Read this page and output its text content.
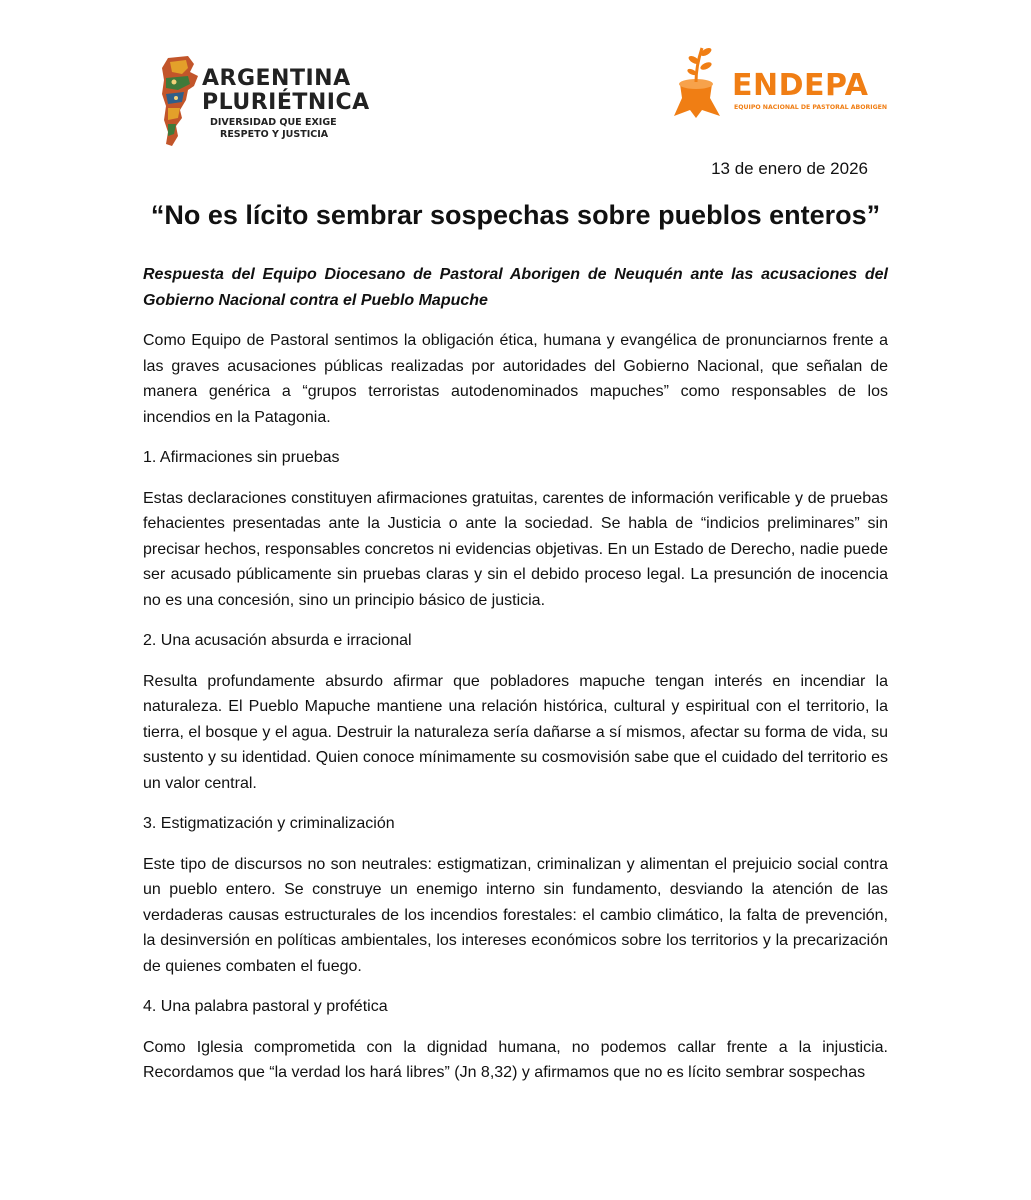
ARGENTINA
PLURIÉTNICA
DIVERSIDAD QUE EXIGE
RESPETO Y JUSTICIA
ENDEPA
EQUIPO NACIONAL DE PASTORAL ABORIGEN
13 de enero de 2026
“No es lícito sembrar sospechas sobre pueblos enteros”

Respuesta del Equipo Diocesano de Pastoral Aborigen de Neuquén ante las acusaciones del Gobierno Nacional contra el Pueblo Mapuche

Como Equipo de Pastoral sentimos la obligación ética, humana y evangélica de pronunciarnos frente a las graves acusaciones públicas realizadas por autoridades del Gobierno Nacional, que señalan de manera genérica a “grupos terroristas autodenominados mapuches” como responsables de los incendios en la Patagonia.

1. Afirmaciones sin pruebas

Estas declaraciones constituyen afirmaciones gratuitas, carentes de información verificable y de pruebas fehacientes presentadas ante la Justicia o ante la sociedad. Se habla de “indicios preliminares” sin precisar hechos, responsables concretos ni evidencias objetivas. En un Estado de Derecho, nadie puede ser acusado públicamente sin pruebas claras y sin el debido proceso legal. La presunción de inocencia no es una concesión, sino un principio básico de justicia.

2. Una acusación absurda e irracional

Resulta profundamente absurdo afirmar que pobladores mapuche tengan interés en incendiar la naturaleza. El Pueblo Mapuche mantiene una relación histórica, cultural y espiritual con el territorio, la tierra, el bosque y el agua. Destruir la naturaleza sería dañarse a sí mismos, afectar su forma de vida, su sustento y su identidad. Quien conoce mínimamente su cosmovisión sabe que el cuidado del territorio es un valor central.

3. Estigmatización y criminalización

Este tipo de discursos no son neutrales: estigmatizan, criminalizan y alimentan el prejuicio social contra un pueblo entero. Se construye un enemigo interno sin fundamento, desviando la atención de las verdaderas causas estructurales de los incendios forestales: el cambio climático, la falta de prevención, la desinversión en políticas ambientales, los intereses económicos sobre los territorios y la precarización de quienes combaten el fuego.

4. Una palabra pastoral y profética

Como Iglesia comprometida con la dignidad humana, no podemos callar frente a la injusticia. Recordamos que “la verdad los hará libres” (Jn 8,32) y afirmamos que no es lícito sembrar sospechas
